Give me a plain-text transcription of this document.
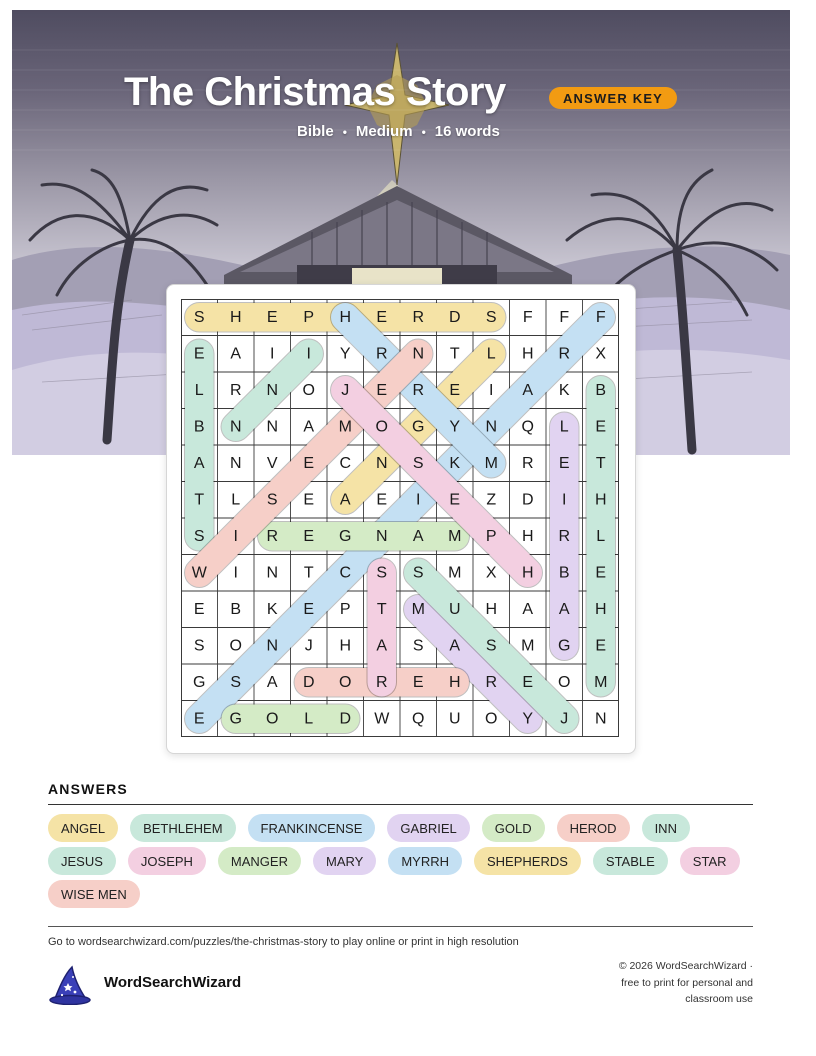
The Christmas Story	ANSWER KEY
Bible • Medium • 16 words
S H E P H E R D S F F F
E A I I Y R N T L H R X
L R N O J E R E I A K B
B N N A M O G Y N Q L E
A N V E C N S K M R E T
T L S E A E I E Z D I H
S I R E G N A M P H R L
W I N T C S S M X H B E
E B K E P T M U H A A H
S O N J H A S A S M G E
G S A D O R E H R E O M
E G O L D W Q U O Y J N
ANSWERS
ANGEL	BETHLEHEM	FRANKINCENSE	GABRIEL	GOLD	HEROD	INN
JESUS	JOSEPH	MANGER	MARY	MYRRH	SHEPHERDS	STABLE	STAR
WISE MEN
Go to wordsearchwizard.com/puzzles/the-christmas-story to play online or print in high resolution
WordSearchWizard
© 2026 WordSearchWizard ·
free to print for personal and
classroom use
